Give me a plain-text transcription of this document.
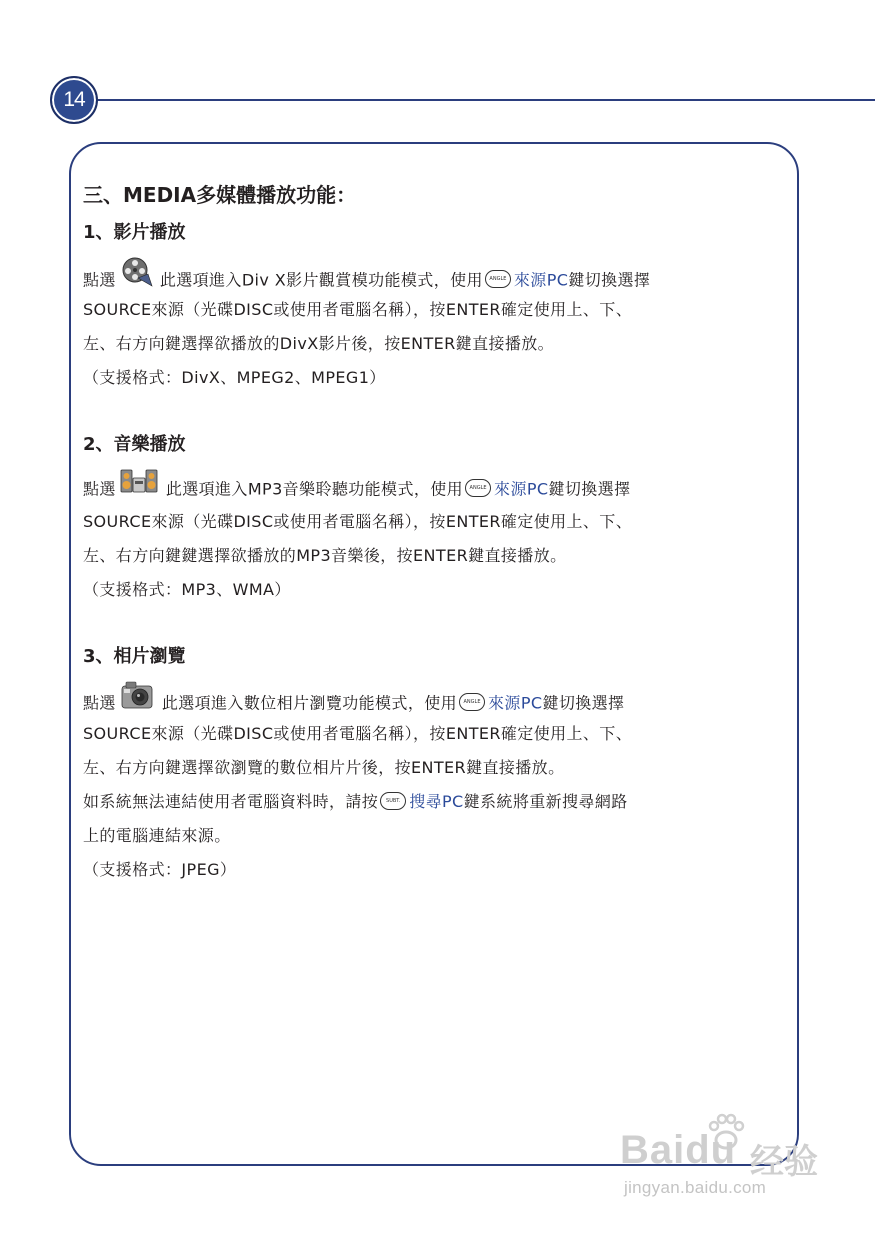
14
三、MEDIA多媒體播放功能：
1、影片播放
點選	此選項進入Div X影片觀賞模功能模式，使用 ANGLE 來源PC鍵切換選擇
SOURCE來源（光碟DISC或使用者電腦名稱），按ENTER確定使用上、下、
左、右方向鍵選擇欲播放的DivX影片後，按ENTER鍵直接播放。
（支援格式：DivX、MPEG2、MPEG1）
2、音樂播放
點選	此選項進入MP3音樂聆聽功能模式，使用 ANGLE 來源PC鍵切換選擇
SOURCE來源（光碟DISC或使用者電腦名稱），按ENTER確定使用上、下、
左、右方向鍵鍵選擇欲播放的MP3音樂後，按ENTER鍵直接播放。
（支援格式：MP3、WMA）
3、相片瀏覽
點選	此選項進入數位相片瀏覽功能模式，使用 ANGLE 來源PC鍵切換選擇
SOURCE來源（光碟DISC或使用者電腦名稱），按ENTER確定使用上、下、
左、右方向鍵選擇欲瀏覽的數位相片片後，按ENTER鍵直接播放。
如系統無法連結使用者電腦資料時，請按 SUBT. 搜尋PC鍵系統將重新搜尋網路
上的電腦連結來源。
（支援格式：JPEG）
Baidu 经验
jingyan.baidu.com
